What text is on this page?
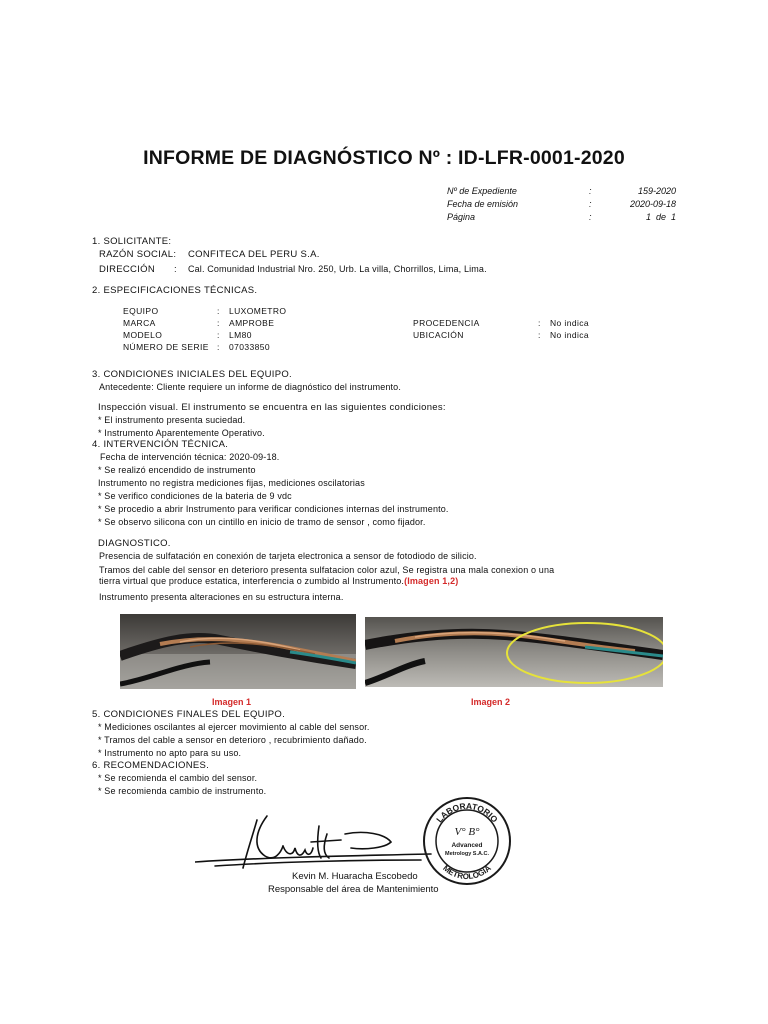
INFORME DE DIAGNÓSTICO Nº : ID-LFR-0001-2020
Nº de Expediente	:	159-2020
Fecha de emisión	:	2020-09-18
Página	:	1  de  1
1. SOLICITANTE:
RAZÓN SOCIAL: CONFITECA DEL PERU S.A.
DIRECCIÓN : Cal. Comunidad Industrial Nro. 250, Urb. La villa, Chorrillos, Lima, Lima.
2. ESPECIFICACIONES TÉCNICAS.
EQUIPO	: LUXOMETRO
MARCA	: AMPROBE
MODELO	: LM80
NÚMERO DE SERIE : 07033850
PROCEDENCIA	: No indica
UBICACIÓN	: No indica
3. CONDICIONES INICIALES DEL EQUIPO.
Antecedente: Cliente requiere un informe de diagnóstico del instrumento.
Inspección visual. El instrumento se encuentra en las siguientes condiciones:
* El instrumento presenta suciedad.
* Instrumento Aparentemente Operativo.
4. INTERVENCIÓN TÉCNICA.
Fecha de intervención técnica: 2020-09-18.
* Se realizó encendido de instrumento
Instrumento no registra mediciones fijas, mediciones oscilatorias
* Se verifico condiciones de la bateria de 9 vdc
* Se procedio a abrir Instrumento para verificar condiciones internas del instrumento.
* Se observo silicona con un cintillo en inicio de tramo de sensor , como fijador.
DIAGNOSTICO.
Presencia de sulfatación en conexión de tarjeta electronica a sensor de fotodiodo de silicio.
Tramos del cable del sensor en deterioro presenta sulfatacion color azul, Se registra una mala conexion o una
tierra virtual que produce estatica, interferencia o zumbido al Instrumento.(Imagen 1,2)
Instrumento presenta alteraciones en su estructura interna.
Imagen 1	Imagen 2
5. CONDICIONES FINALES DEL EQUIPO.
* Mediciones oscilantes al ejercer movimiento al cable del sensor.
* Tramos del cable a sensor en deterioro , recubrimiento dañado.
* Instrumento no apto para su uso.
6. RECOMENDACIONES.
* Se recomienda el cambio del sensor.
* Se recomienda cambio de instrumento.
LABORATORIO
METROLOGIA
V° B°
Advanced
Metrology S.A.C.
Kevin M. Huaracha Escobedo
Responsable del área de Mantenimiento
